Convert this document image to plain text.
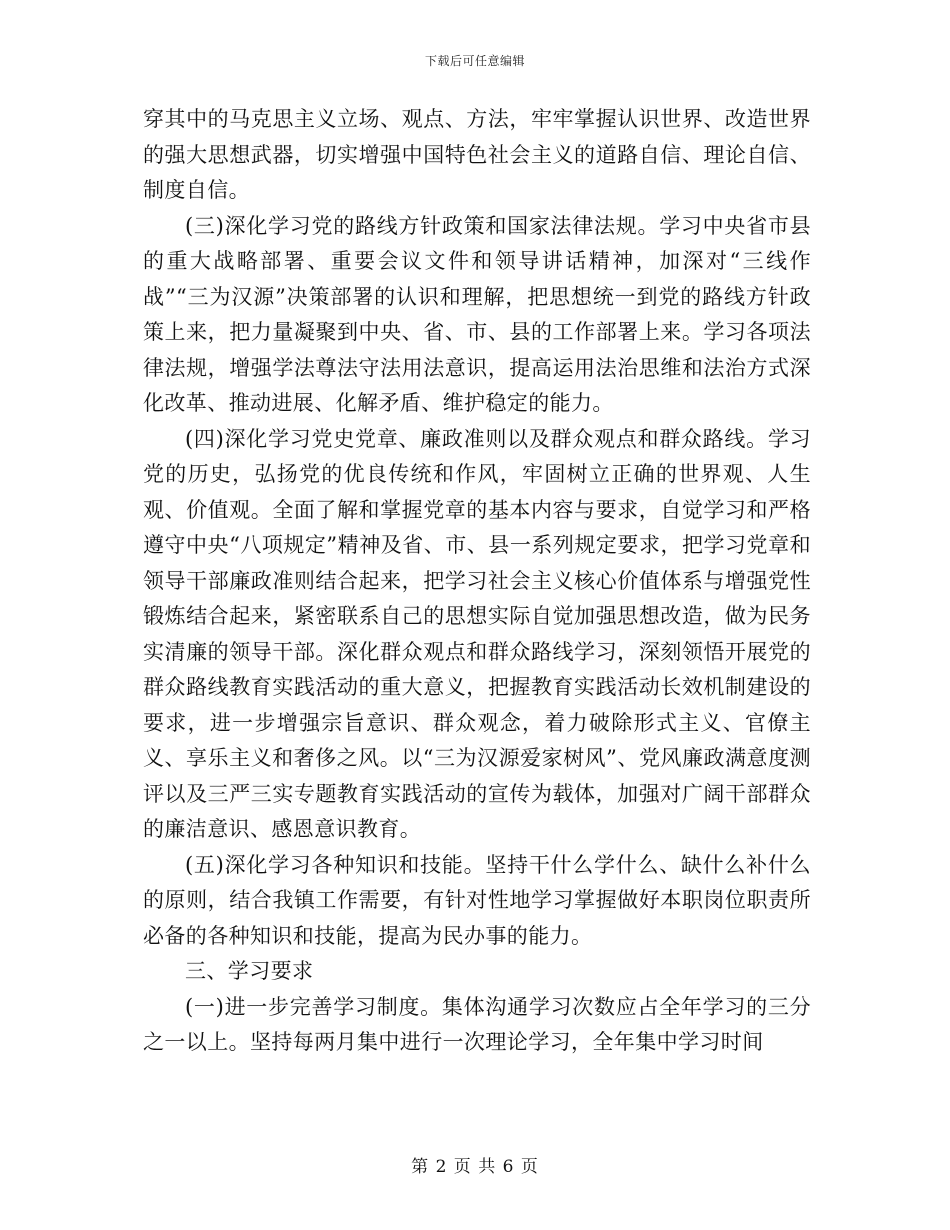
下载后可任意编辑

穿其中的马克思主义立场、观点、方法，牢牢掌握认识世界、改造世界的强大思想武器，切实增强中国特色社会主义的道路自信、理论自信、制度自信。

(三)深化学习党的路线方针政策和国家法律法规。学习中央省市县的重大战略部署、重要会议文件和领导讲话精神，加深对“三线作战”“三为汉源”决策部署的认识和理解，把思想统一到党的路线方针政策上来，把力量凝聚到中央、省、市、县的工作部署上来。学习各项法律法规，增强学法尊法守法用法意识，提高运用法治思维和法治方式深化改革、推动进展、化解矛盾、维护稳定的能力。

(四)深化学习党史党章、廉政准则以及群众观点和群众路线。学习党的历史，弘扬党的优良传统和作风，牢固树立正确的世界观、人生观、价值观。全面了解和掌握党章的基本内容与要求，自觉学习和严格遵守中央“八项规定”精神及省、市、县一系列规定要求，把学习党章和领导干部廉政准则结合起来，把学习社会主义核心价值体系与增强党性锻炼结合起来，紧密联系自己的思想实际自觉加强思想改造，做为民务实清廉的领导干部。深化群众观点和群众路线学习，深刻领悟开展党的群众路线教育实践活动的重大意义，把握教育实践活动长效机制建设的要求，进一步增强宗旨意识、群众观念，着力破除形式主义、官僚主义、享乐主义和奢侈之风。以“三为汉源爱家树风”、党风廉政满意度测评以及三严三实专题教育实践活动的宣传为载体，加强对广阔干部群众的廉洁意识、感恩意识教育。

(五)深化学习各种知识和技能。坚持干什么学什么、缺什么补什么的原则，结合我镇工作需要，有针对性地学习掌握做好本职岗位职责所必备的各种知识和技能，提高为民办事的能力。

三、学习要求

(一)进一步完善学习制度。集体沟通学习次数应占全年学习的三分之一以上。坚持每两月集中进行一次理论学习，全年集中学习时间

第 2 页 共 6 页
